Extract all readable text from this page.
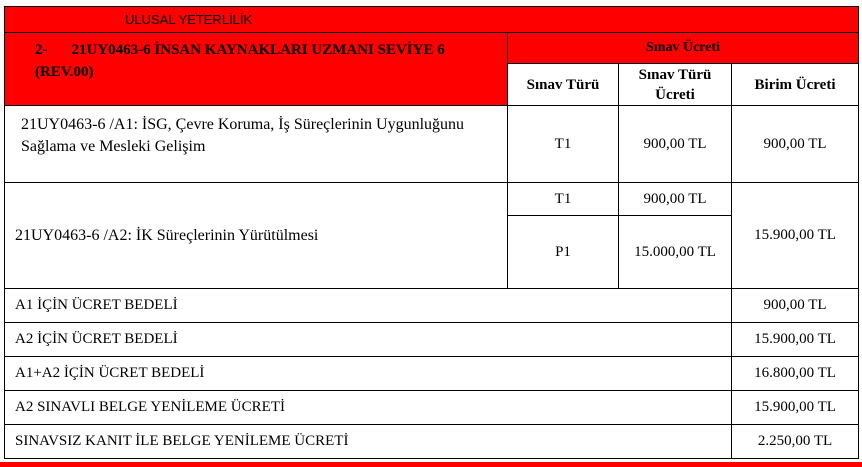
ULUSAL YETERLİLİK			
2- 21UY0463-6 İNSAN KAYNAKLARI UZMANI SEVİYE 6 (REV.00)	Sınav Ücreti		
	Sınav Türü	Sınav Türü Ücreti	Birim Ücreti
21UY0463-6 /A1: İSG, Çevre Koruma, İş Süreçlerinin Uygunluğunu Sağlama ve Mesleki Gelişim	T1	900,00 TL	900,00 TL
21UY0463-6 /A2: İK Süreçlerinin Yürütülmesi	T1	900,00 TL	15.900,00 TL
	P1	15.000,00 TL	
A1 İÇİN ÜCRET BEDELİ			900,00 TL
A2 İÇİN ÜCRET BEDELİ			15.900,00 TL
A1+A2 İÇİN ÜCRET BEDELİ			16.800,00 TL
A2 SINAVLI BELGE YENİLEME ÜCRETİ			15.900,00 TL
SINAVSIZ KANIT İLE BELGE YENİLEME ÜCRETİ			2.250,00 TL
